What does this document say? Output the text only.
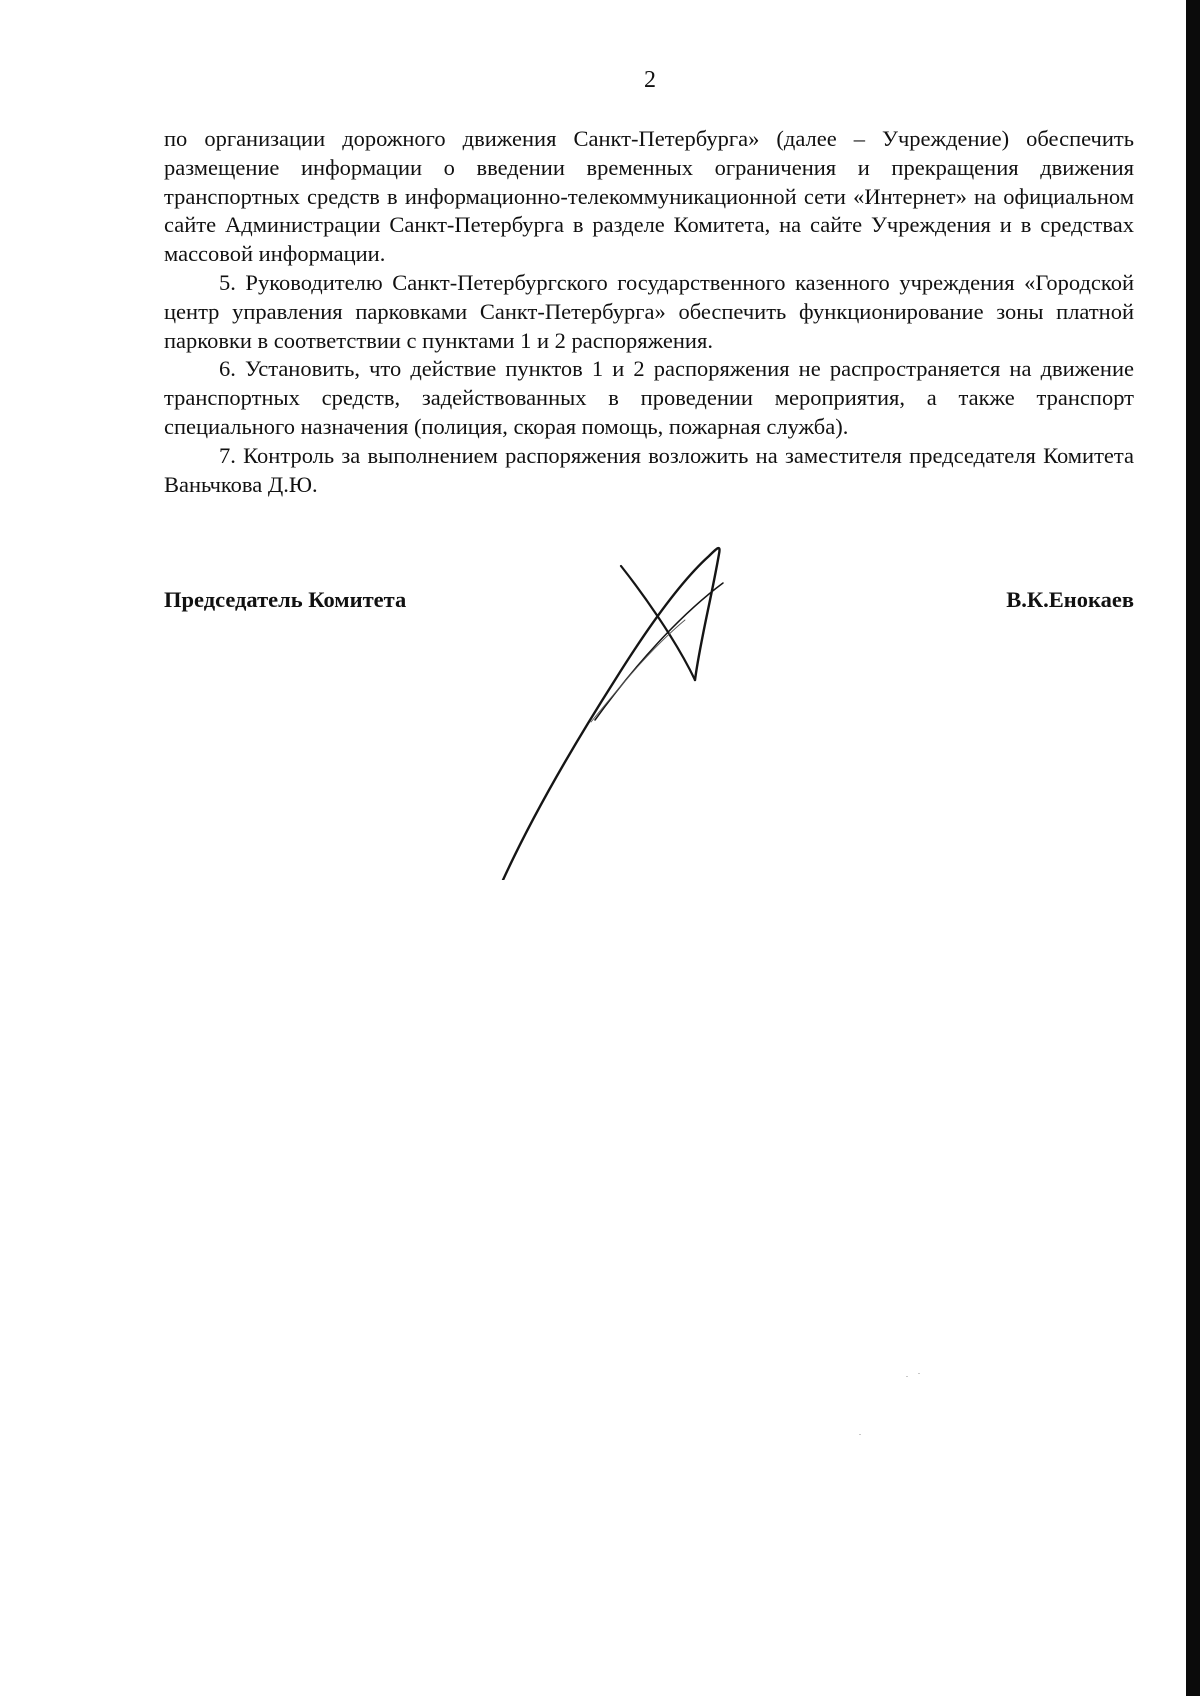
2

по организации дорожного движения Санкт-Петербурга» (далее – Учреждение) обеспечить размещение информации о введении временных ограничения и прекращения движения транспортных средств в информационно-телекоммуникационной сети «Интернет» на официальном сайте Администрации Санкт-Петербурга в разделе Комитета, на сайте Учреждения и в средствах массовой информации.

5. Руководителю Санкт-Петербургского государственного казенного учреждения «Городской центр управления парковками Санкт-Петербурга» обеспечить функционирование зоны платной парковки в соответствии с пунктами 1 и 2 распоряжения.

6. Установить, что действие пунктов 1 и 2 распоряжения не распространяется на движение транспортных средств, задействованных в проведении мероприятия, а также транспорт специального назначения (полиция, скорая помощь, пожарная служба).

7. Контроль за выполнением распоряжения возложить на заместителя председателя Комитета Ваньчкова Д.Ю.

Председатель Комитета	В.К.Енокаев
